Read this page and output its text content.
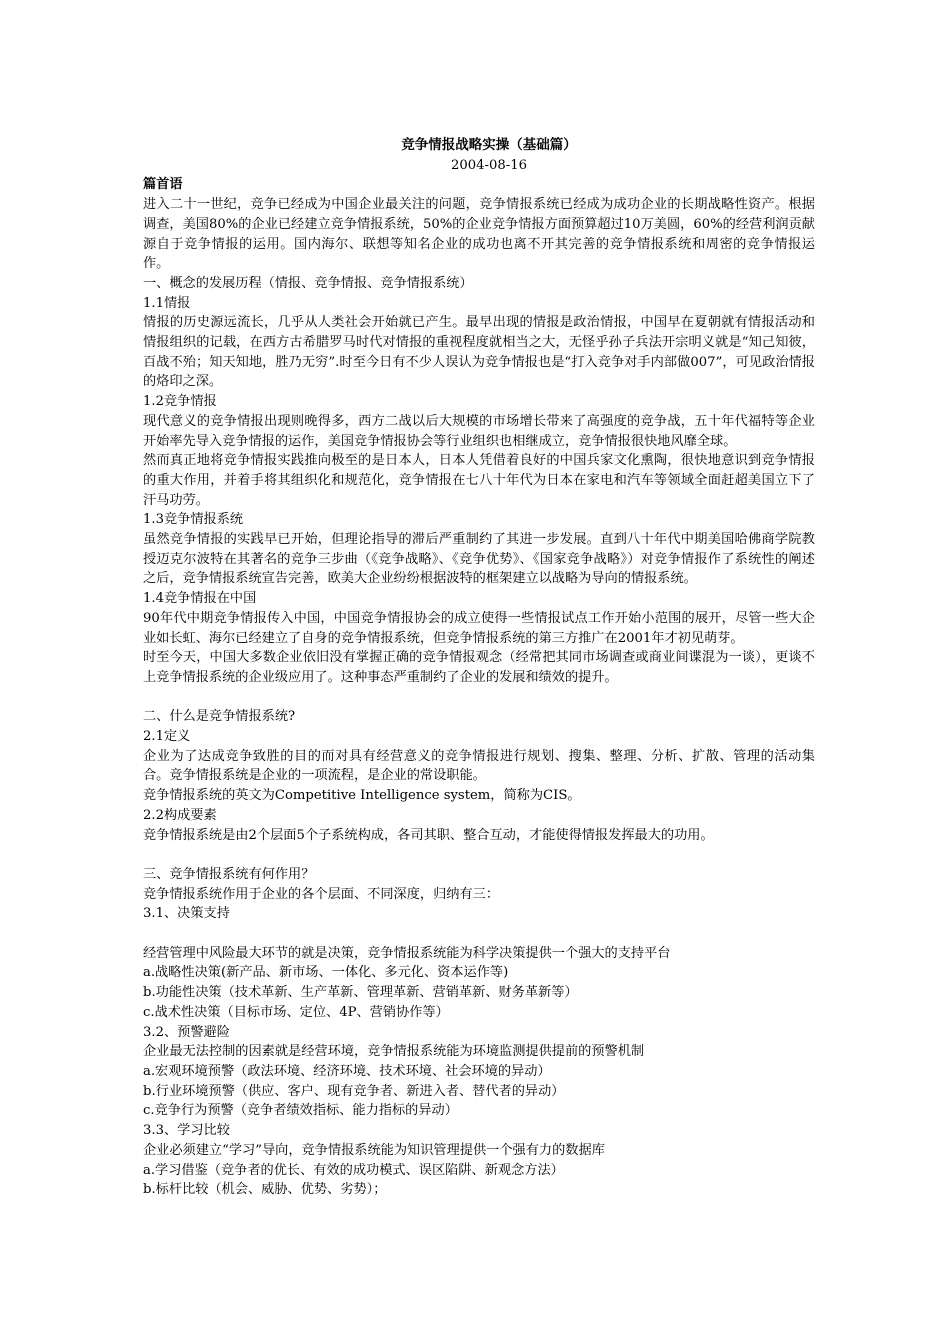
竞争情报战略实操（基础篇）
2004-08-16
篇首语

进入二十一世纪，竞争已经成为中国企业最关注的问题，竞争情报系统已经成为成功企业的长期战略性资产。根据调查，美国80%的企业已经建立竞争情报系统，50%的企业竞争情报方面预算超过10万美圆，60%的经营利润贡献源自于竞争情报的运用。国内海尔、联想等知名企业的成功也离不开其完善的竞争情报系统和周密的竞争情报运作。

一、概念的发展历程（情报、竞争情报、竞争情报系统）
1.1情报

情报的历史源远流长，几乎从人类社会开始就已产生。最早出现的情报是政治情报，中国早在夏朝就有情报活动和情报组织的记载，在西方古希腊罗马时代对情报的重视程度就相当之大，无怪乎孙子兵法开宗明义就是“知己知彼，百战不殆；知天知地，胜乃无穷”.时至今日有不少人误认为竞争情报也是“打入竞争对手内部做007”，可见政治情报的烙印之深。

1.2竞争情报

现代意义的竞争情报出现则晚得多，西方二战以后大规模的市场增长带来了高强度的竞争战，五十年代福特等企业开始率先导入竞争情报的运作，美国竞争情报协会等行业组织也相继成立，竞争情报很快地风靡全球。

然而真正地将竞争情报实践推向极至的是日本人，日本人凭借着良好的中国兵家文化熏陶，很快地意识到竞争情报的重大作用，并着手将其组织化和规范化，竞争情报在七八十年代为日本在家电和汽车等领域全面赶超美国立下了汗马功劳。

1.3竞争情报系统

虽然竞争情报的实践早已开始，但理论指导的滞后严重制约了其进一步发展。直到八十年代中期美国哈佛商学院教授迈克尔波特在其著名的竞争三步曲（《竞争战略》、《竞争优势》、《国家竞争战略》）对竞争情报作了系统性的阐述之后，竞争情报系统宣告完善，欧美大企业纷纷根据波特的框架建立以战略为导向的情报系统。

1.4竞争情报在中国

90年代中期竞争情报传入中国，中国竞争情报协会的成立使得一些情报试点工作开始小范围的展开，尽管一些大企业如长虹、海尔已经建立了自身的竞争情报系统，但竞争情报系统的第三方推广在2001年才初见萌芽。

时至今天，中国大多数企业依旧没有掌握正确的竞争情报观念（经常把其同市场调查或商业间谍混为一谈），更谈不上竞争情报系统的企业级应用了。这种事态严重制约了企业的发展和绩效的提升。

二、什么是竞争情报系统?
2.1定义

企业为了达成竞争致胜的目的而对具有经营意义的竞争情报进行规划、搜集、整理、分析、扩散、管理的活动集合。竞争情报系统是企业的一项流程，是企业的常设职能。

竞争情报系统的英文为Competitive Intelligence system，简称为CIS。

2.2构成要素

竞争情报系统是由2个层面5个子系统构成，各司其职、整合互动，才能使得情报发挥最大的功用。

三、竞争情报系统有何作用？

竞争情报系统作用于企业的各个层面、不同深度，归纳有三：

3.1、决策支持

经营管理中风险最大环节的就是决策，竞争情报系统能为科学决策提供一个强大的支持平台

a.战略性决策(新产品、新市场、一体化、多元化、资本运作等)
b.功能性决策（技术革新、生产革新、管理革新、营销革新、财务革新等）
c.战术性决策（目标市场、定位、4P、营销协作等）
3.2、预警避险

企业最无法控制的因素就是经营环境，竞争情报系统能为环境监测提供提前的预警机制

a.宏观环境预警（政法环境、经济环境、技术环境、社会环境的异动）
b.行业环境预警（供应、客户、现有竞争者、新进入者、替代者的异动）
c.竞争行为预警（竞争者绩效指标、能力指标的异动）
3.3、学习比较

企业必须建立“学习”导向，竞争情报系统能为知识管理提供一个强有力的数据库

a.学习借鉴（竞争者的优长、有效的成功模式、误区陷阱、新观念方法）
b.标杆比较（机会、威胁、优势、劣势）；
